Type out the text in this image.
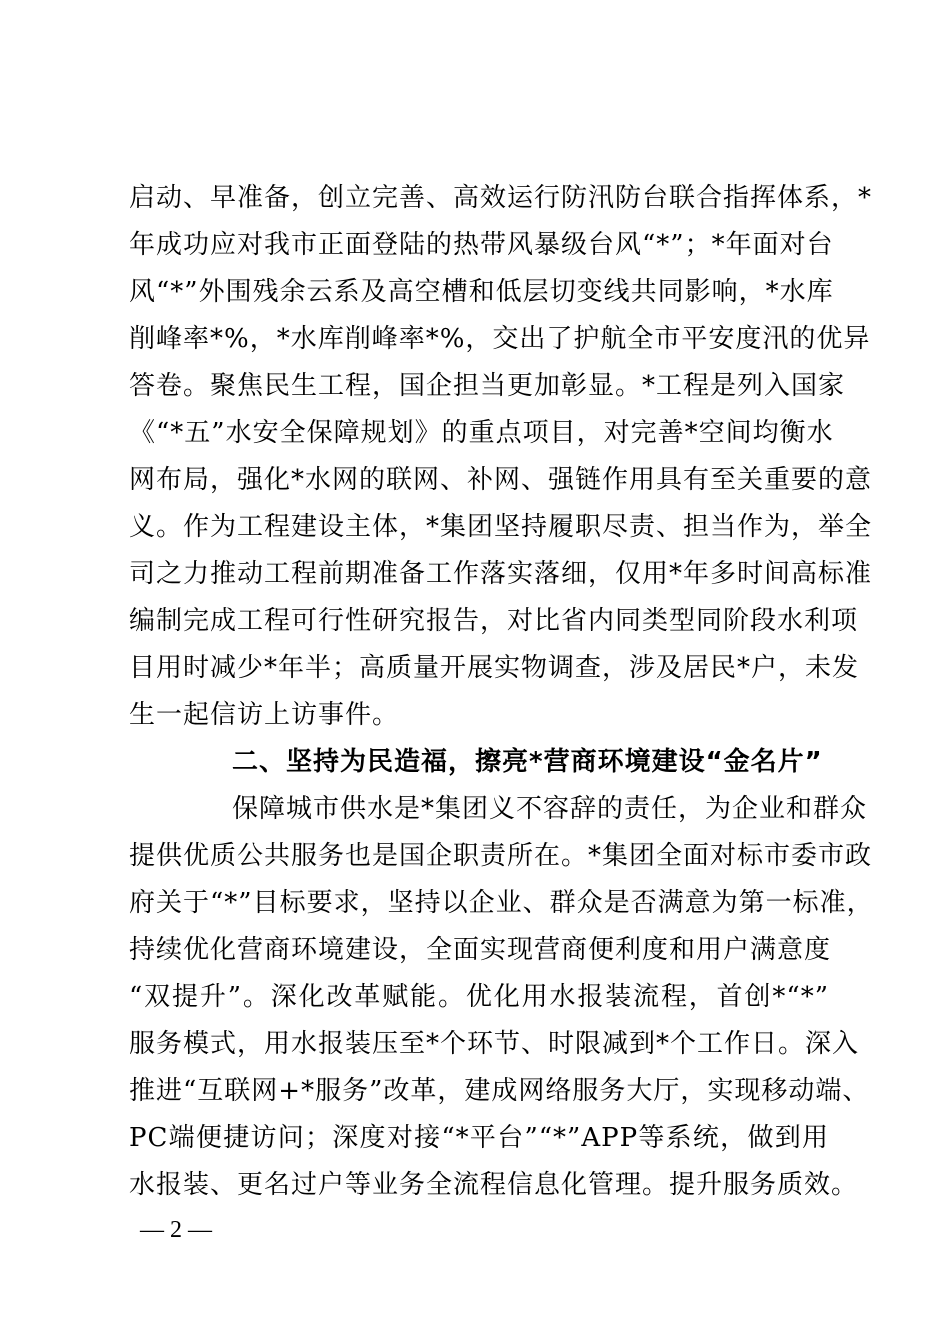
启动、早准备，创立完善、高效运行防汛防台联合指挥体系，*
年成功应对我市正面登陆的热带风暴级台风“*”；*年面对台
风“*”外围残余云系及高空槽和低层切变线共同影响，*水库
削峰率*%，*水库削峰率*%，交出了护航全市平安度汛的优异
答卷。聚焦民生工程，国企担当更加彰显。*工程是列入国家
《“*五”水安全保障规划》的重点项目，对完善*空间均衡水
网布局，强化*水网的联网、补网、强链作用具有至关重要的意
义。作为工程建设主体，*集团坚持履职尽责、担当作为，举全
司之力推动工程前期准备工作落实落细，仅用*年多时间高标准
编制完成工程可行性研究报告，对比省内同类型同阶段水利项
目用时减少*年半；高质量开展实物调查，涉及居民*户，未发
生一起信访上访事件。
二、坚持为民造福，擦亮*营商环境建设“金名片”
保障城市供水是*集团义不容辞的责任，为企业和群众
提供优质公共服务也是国企职责所在。*集团全面对标市委市政
府关于“*”目标要求，坚持以企业、群众是否满意为第一标准，
持续优化营商环境建设，全面实现营商便利度和用户满意度
“双提升”。深化改革赋能。优化用水报装流程，首创*“*”
服务模式，用水报装压至*个环节、时限减到*个工作日。深入
推进“互联网+*服务”改革，建成网络服务大厅，实现移动端、
PC端便捷访问；深度对接“*平台”“*”APP等系统，做到用
水报装、更名过户等业务全流程信息化管理。提升服务质效。
— 2 —
